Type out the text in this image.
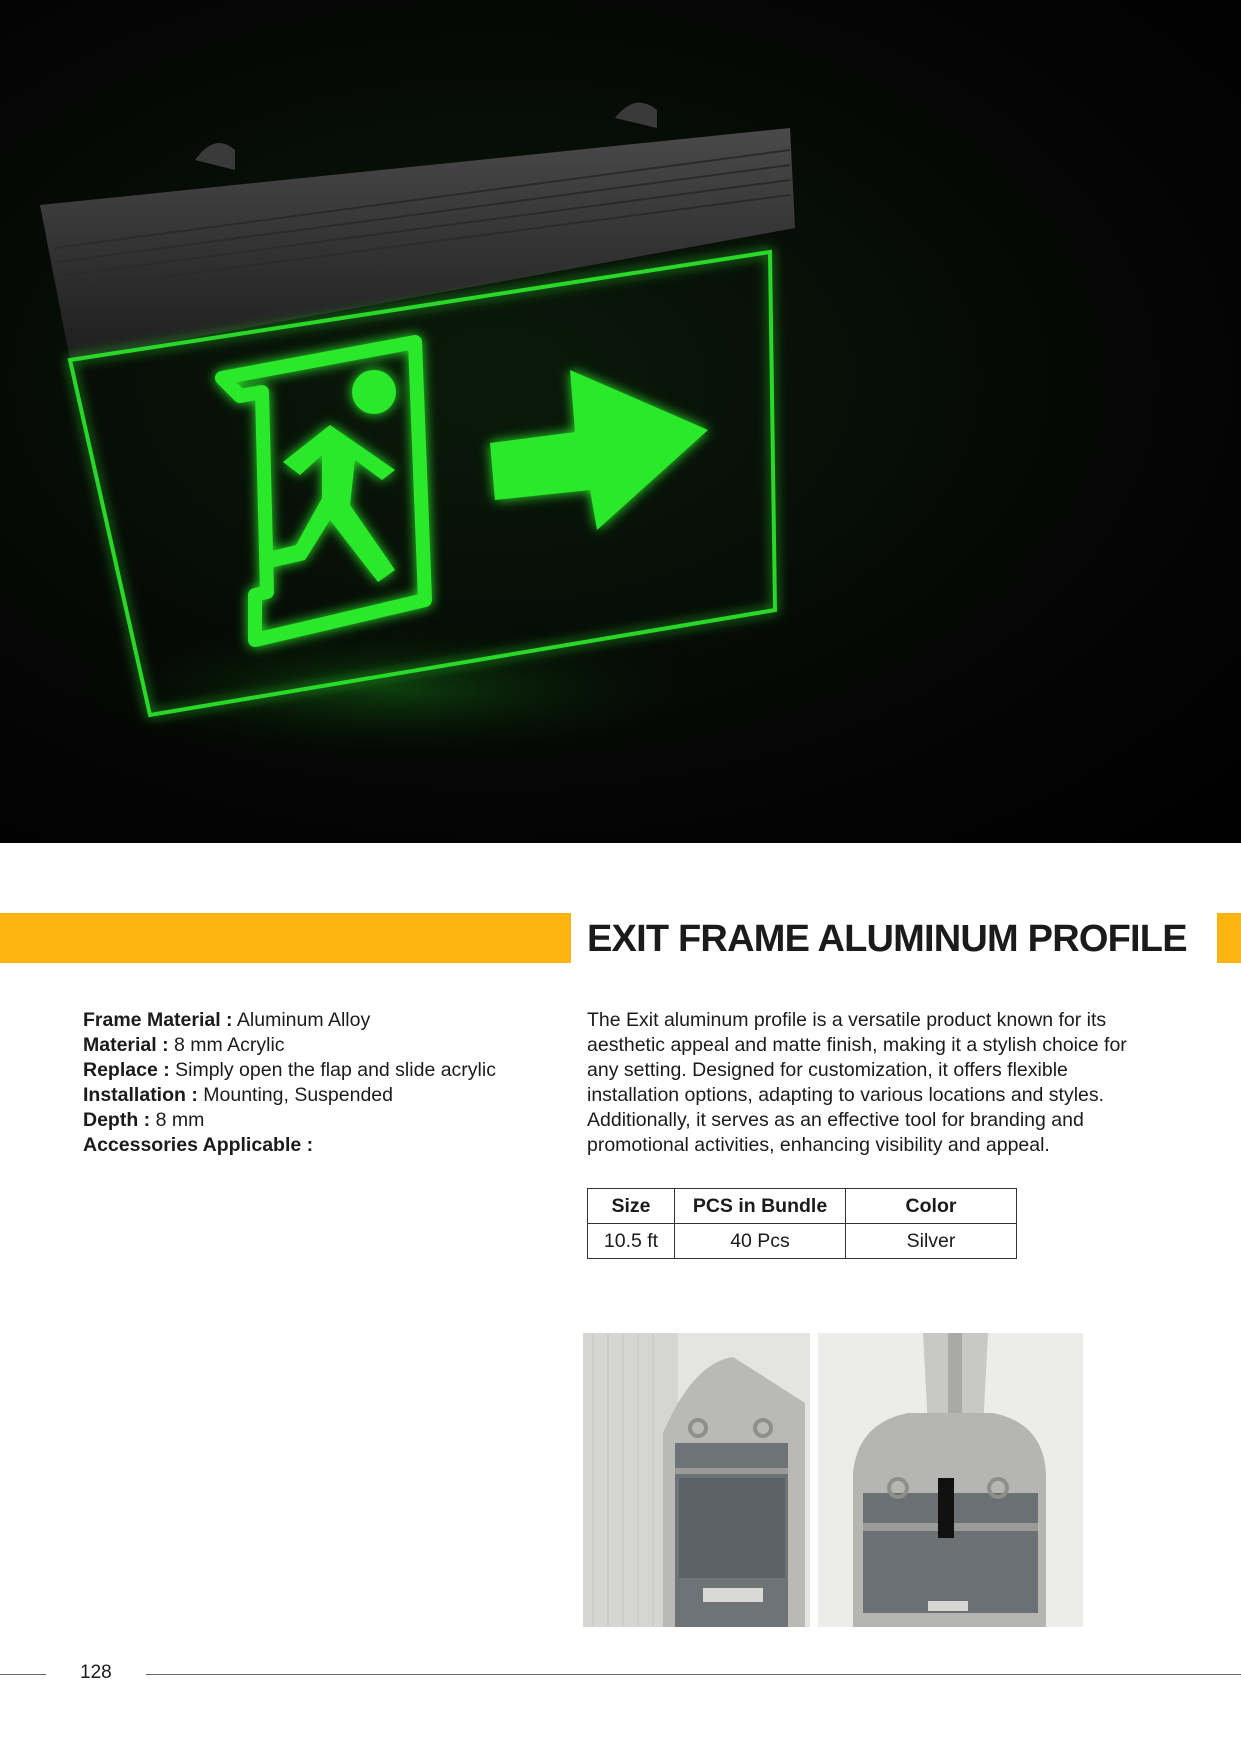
EXIT FRAME ALUMINUM PROFILE
Frame Material : Aluminum Alloy
Material : 8 mm Acrylic
Replace : Simply open the flap and slide acrylic
Installation : Mounting, Suspended
Depth : 8 mm
Accessories Applicable :
The Exit aluminum profile is a versatile product known for its aesthetic appeal and matte finish, making it a stylish choice for any setting. Designed for customization, it offers flexible installation options, adapting to various locations and styles. Additionally, it serves as an effective tool for branding and promotional activities, enhancing visibility and appeal.
Size	PCS in Bundle	Color
10.5 ft	40 Pcs	Silver
128
